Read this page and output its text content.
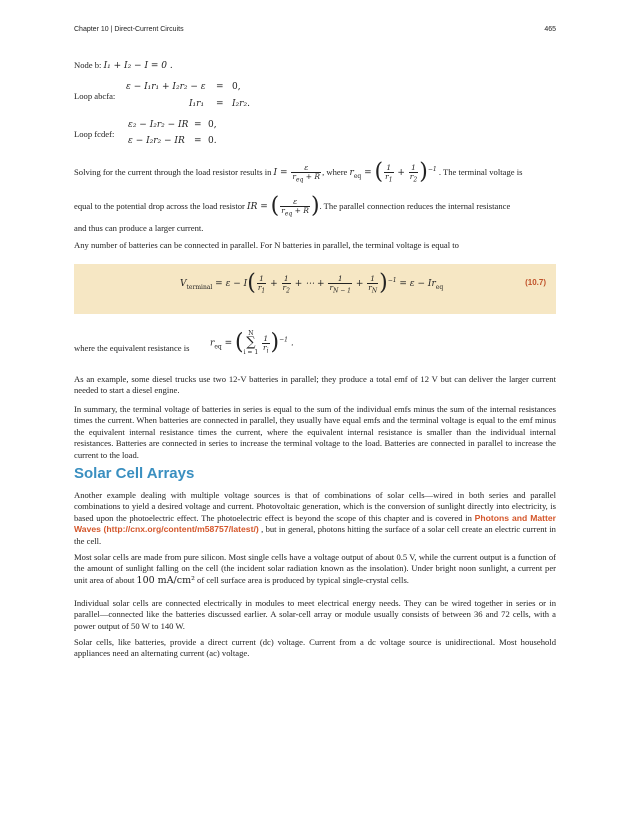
Chapter 10 | Direct-Current Circuits	465
Node b: I₁ + I₂ − I = 0 .
Loop abcfa:
ε − I₁r₁ + I₂r₂ − ε = 0,
I₁r₁ = I₂r₂.
Loop fcdef:
ε₂ − I₂r₂ − IR = 0,
ε − I₂r₂ − IR = 0.
Solving for the current through the load resistor results in $I = \frac{\varepsilon}{r_{eq} + R}$ , where $r_{eq}$ = ( $\frac{1}{r_1} + \frac{1}{r_2} )^{-1}$ . The terminal voltage is
equal to the potential drop across the load resistor IR = ( $\frac{\varepsilon}{r_{eq} + R}$ ). The parallel connection reduces the internal resistance
and thus can produce a larger current.
Any number of batteries can be connected in parallel. For N batteries in parallel, the terminal voltage is equal to
$V_{terminal} = \varepsilon - I( \frac{1}{r_1} + \frac{1}{r_2}$ + ⋯ + $\frac{1}{r_{N - 1}} + \frac{1}{r_N} )^{-1} = \varepsilon - Ir_{eq}$
(10.7)
where the equivalent resistance is $r_{eq}$ = ( N
∑
i = 1

$\frac{1}{r_i} )^{-1}$ .
As an example, some diesel trucks use two 12-V batteries in parallel; they produce a total emf of 12 V but can deliver the larger current needed to start a diesel engine.
In summary, the terminal voltage of batteries in series is equal to the sum of the individual emfs minus the sum of the internal resistances times the current. When batteries are connected in parallel, they usually have equal emfs and the terminal voltage is equal to the emf minus the equivalent internal resistance times the current, where the equivalent internal resistance is smaller than the individual internal resistances. Batteries are connected in series to increase the terminal voltage to the load. Batteries are connected in parallel to increase the current to the load.
Solar Cell Arrays
Another example dealing with multiple voltage sources is that of combinations of solar cells—wired in both series and parallel combinations to yield a desired voltage and current. Photovoltaic generation, which is the conversion of sunlight directly into electricity, is based upon the photoelectric effect. The photoelectric effect is beyond the scope of this chapter and is covered in Photons and Matter Waves (http://cnx.org/content/m58757/latest/) , but in general, photons hitting the surface of a solar cell create an electric current in the cell.
Most solar cells are made from pure silicon. Most single cells have a voltage output of about 0.5 V, while the current output is a function of the amount of sunlight falling on the cell (the incident solar radiation known as the insolation). Under bright noon sunlight, a current per unit area of about 100 mA/cm² of cell surface area is produced by typical single-crystal cells.
Individual solar cells are connected electrically in modules to meet electrical energy needs. They can be wired together in series or in parallel—connected like the batteries discussed earlier. A solar-cell array or module usually consists of between 36 and 72 cells, with a power output of 50 W to 140 W.
Solar cells, like batteries, provide a direct current (dc) voltage. Current from a dc voltage source is unidirectional. Most household appliances need an alternating current (ac) voltage.
